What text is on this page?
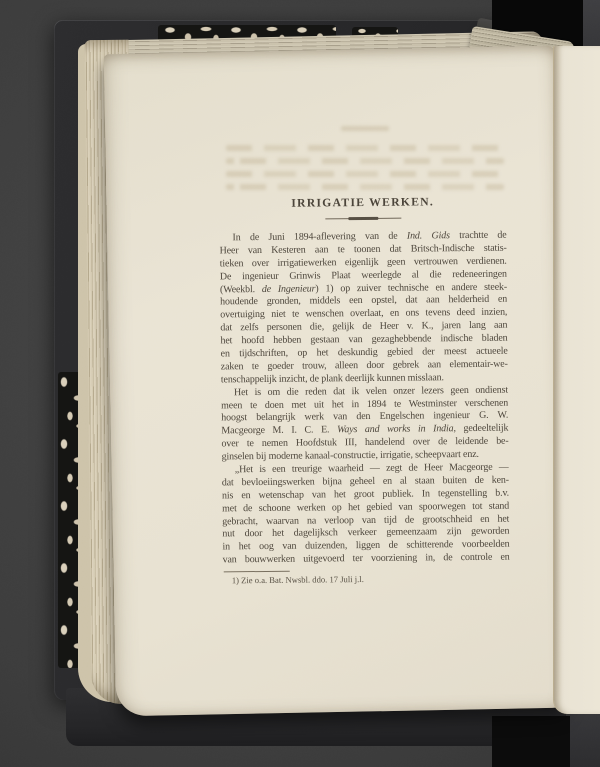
IRRIGATIE WERKEN.
In de Juni 1894-aflevering van de Ind. Gids trachtte de
Heer van Kesteren aan te toonen dat Britsch-Indische statis-
tieken over irrigatiewerken eigenlijk geen vertrouwen verdienen.
De ingenieur Grinwis Plaat weerlegde al die redeneeringen
(Weekbl. de Ingenieur) 1) op zuiver technische en andere steek-
houdende gronden, middels een opstel, dat aan helderheid en
overtuiging niet te wenschen overlaat, en ons tevens deed inzien,
dat zelfs personen die, gelijk de Heer v. K., jaren lang aan
het hoofd hebben gestaan van gezaghebbende indische bladen
en tijdschriften, op het deskundig gebied der meest actueele
zaken te goeder trouw, alleen door gebrek aan elementair-we-
tenschappelijk inzicht, de plank deerlijk kunnen misslaan.
Het is om die reden dat ik velen onzer lezers geen ondienst
meen te doen met uit het in 1894 te Westminster verschenen
hoogst belangrijk werk van den Engelschen ingenieur G. W.
Macgeorge M. I. C. E. Ways and works in India, gedeeltelijk
over te nemen Hoofdstuk III, handelend over de leidende be-
ginselen bij moderne kanaal-constructie, irrigatie, scheepvaart enz.
„Het is een treurige waarheid — zegt de Heer Macgeorge —
dat bevloeiingswerken bijna geheel en al staan buiten de ken-
nis en wetenschap van het groot publiek. In tegenstelling b.v.
met de schoone werken op het gebied van spoorwegen tot stand
gebracht, waarvan na verloop van tijd de grootschheid en het
nut door het dagelijksch verkeer gemeenzaam zijn geworden
in het oog van duizenden, liggen de schitterende voorbeelden
van bouwwerken uitgevoerd ter voorziening in, de controle en
1) Zie o.a. Bat. Nwsbl. ddo. 17 Juli j.l.
